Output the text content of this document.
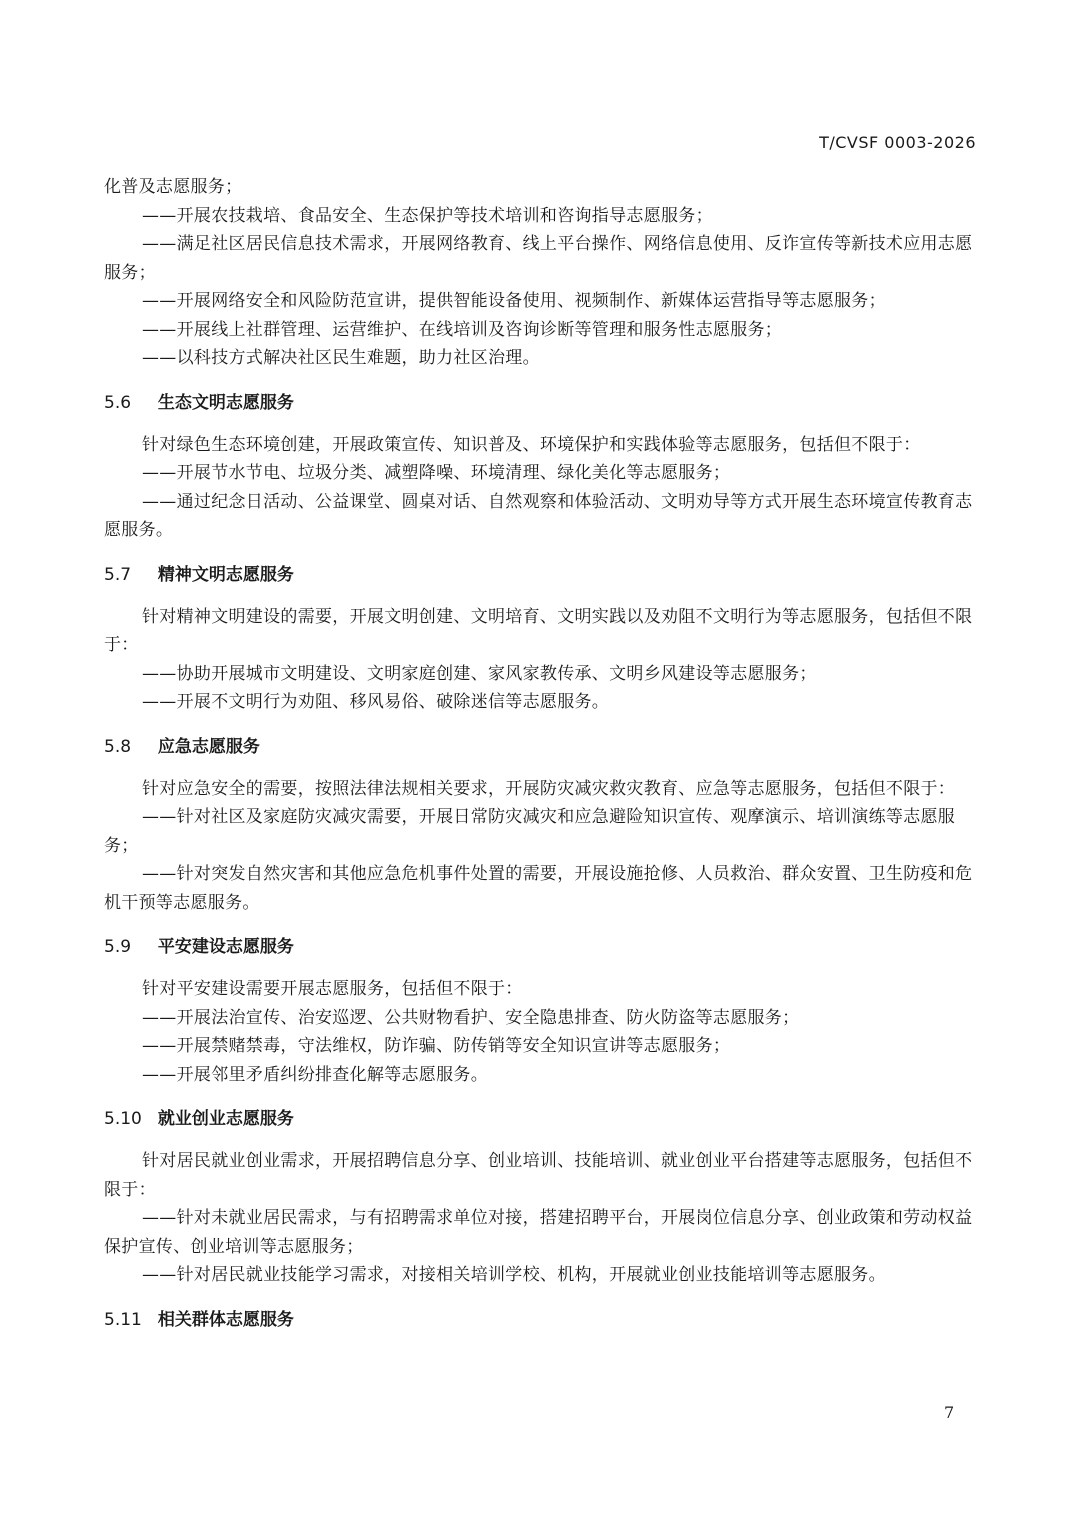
T/CVSF 0003-2026

化普及志愿服务；

——开展农技栽培、食品安全、生态保护等技术培训和咨询指导志愿服务；

——满足社区居民信息技术需求，开展网络教育、线上平台操作、网络信息使用、反诈宣传等新技术应用志愿服务；

——开展网络安全和风险防范宣讲，提供智能设备使用、视频制作、新媒体运营指导等志愿服务；

——开展线上社群管理、运营维护、在线培训及咨询诊断等管理和服务性志愿服务；

——以科技方式解决社区民生难题，助力社区治理。

5.6 生态文明志愿服务

针对绿色生态环境创建，开展政策宣传、知识普及、环境保护和实践体验等志愿服务，包括但不限于：

——开展节水节电、垃圾分类、减塑降噪、环境清理、绿化美化等志愿服务；

——通过纪念日活动、公益课堂、圆桌对话、自然观察和体验活动、文明劝导等方式开展生态环境宣传教育志愿服务。

5.7 精神文明志愿服务

针对精神文明建设的需要，开展文明创建、文明培育、文明实践以及劝阻不文明行为等志愿服务，包括但不限于：

——协助开展城市文明建设、文明家庭创建、家风家教传承、文明乡风建设等志愿服务；

——开展不文明行为劝阻、移风易俗、破除迷信等志愿服务。

5.8 应急志愿服务

针对应急安全的需要，按照法律法规相关要求，开展防灾减灾救灾教育、应急等志愿服务，包括但不限于：

——针对社区及家庭防灾减灾需要，开展日常防灾减灾和应急避险知识宣传、观摩演示、培训演练等志愿服务；

——针对突发自然灾害和其他应急危机事件处置的需要，开展设施抢修、人员救治、群众安置、卫生防疫和危机干预等志愿服务。

5.9 平安建设志愿服务

针对平安建设需要开展志愿服务，包括但不限于：

——开展法治宣传、治安巡逻、公共财物看护、安全隐患排查、防火防盗等志愿服务；

——开展禁赌禁毒，守法维权，防诈骗、防传销等安全知识宣讲等志愿服务；

——开展邻里矛盾纠纷排查化解等志愿服务。

5.10 就业创业志愿服务

针对居民就业创业需求，开展招聘信息分享、创业培训、技能培训、就业创业平台搭建等志愿服务，包括但不限于：

——针对未就业居民需求，与有招聘需求单位对接，搭建招聘平台，开展岗位信息分享、创业政策和劳动权益保护宣传、创业培训等志愿服务；

——针对居民就业技能学习需求，对接相关培训学校、机构，开展就业创业技能培训等志愿服务。

5.11 相关群体志愿服务
7
